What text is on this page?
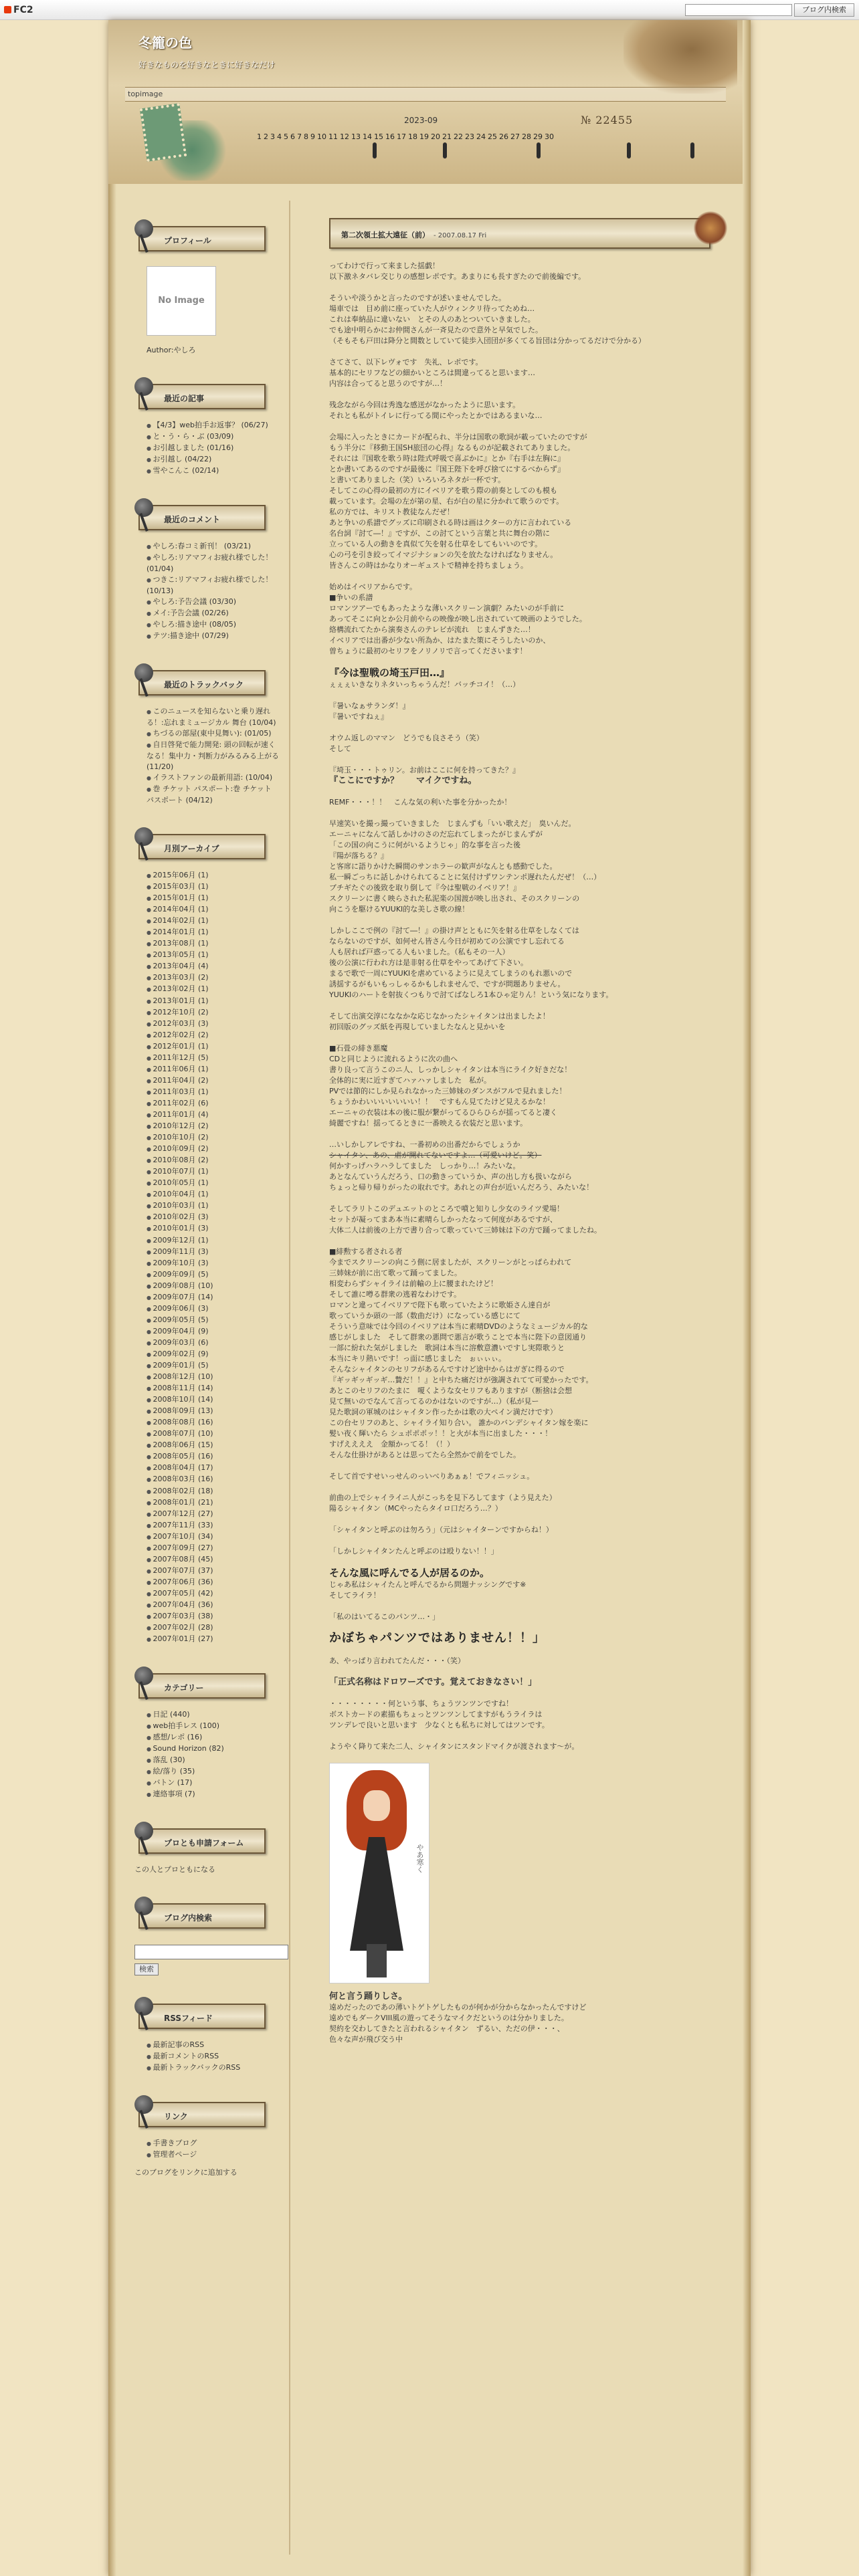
FC2	ブログ内検索
冬籠の色
好きなものを好きなときに好きなだけ
topimage
2023-09	№ 22455
1 2 3 4 5 6 7 8 9 10 11 12 13 14 15 16 17 18 19 20 21 22 23 24 25 26 27 28 29 30
プロフィール
No Image
Author:やしろ
最近の記事
● 【4/3】web拍手お返事？ (06/27)
● と・う・ら・ぶ (03/09)
● お引越しました (01/16)
● お引越し (04/22)
● 雪やこんこ (02/14)
最近のコメント
● やしろ:春コミ新刊！ (03/21)
● やしろ:リアマフィお疲れ様でした！ (01/04)
● つきこ:リアマフィお疲れ様でした！ (10/13)
● やしろ:予告会議 (03/30)
● メイ:予告会議 (02/26)
● やしろ:描き途中 (08/05)
● テツ:描き途中 (07/29)
最近のトラックバック
● このニュースを知らないと乗り遅れる！:忘れまミュージカル 舞台 (10/04)
● ちづるの部屋(東中見舞い): (01/05)
● 自日啓発で能力開発: 頭の回転が速くなる！集中力・判断力がみるみる上がる (11/20)
● イラストファンの最新用語: (10/04)
● 巻 チケット パスポート:巻 チケット パスポート (04/12)
月別アーカイブ
● 2015年06月 (1)
● 2015年03月 (1)
● 2015年01月 (1)
● 2014年04月 (1)
● 2014年02月 (1)
● 2014年01月 (1)
● 2013年08月 (1)
● 2013年05月 (1)
● 2013年04月 (4)
● 2013年03月 (2)
● 2013年02月 (1)
● 2013年01月 (1)
● 2012年10月 (2)
● 2012年03月 (3)
● 2012年02月 (2)
● 2012年01月 (1)
● 2011年12月 (5)
● 2011年06月 (1)
● 2011年04月 (2)
● 2011年03月 (1)
● 2011年02月 (6)
● 2011年01月 (4)
● 2010年12月 (2)
● 2010年10月 (2)
● 2010年09月 (2)
● 2010年08月 (2)
● 2010年07月 (1)
● 2010年05月 (1)
● 2010年04月 (1)
● 2010年03月 (1)
● 2010年02月 (3)
● 2010年01月 (3)
● 2009年12月 (1)
● 2009年11月 (3)
● 2009年10月 (3)
● 2009年09月 (5)
● 2009年08月 (10)
● 2009年07月 (14)
● 2009年06月 (3)
● 2009年05月 (5)
● 2009年04月 (9)
● 2009年03月 (6)
● 2009年02月 (9)
● 2009年01月 (5)
● 2008年12月 (10)
● 2008年11月 (14)
● 2008年10月 (14)
● 2008年09月 (13)
● 2008年08月 (16)
● 2008年07月 (10)
● 2008年06月 (15)
● 2008年05月 (16)
● 2008年04月 (17)
● 2008年03月 (16)
● 2008年02月 (18)
● 2008年01月 (21)
● 2007年12月 (27)
● 2007年11月 (33)
● 2007年10月 (34)
● 2007年09月 (27)
● 2007年08月 (45)
● 2007年07月 (37)
● 2007年06月 (36)
● 2007年05月 (42)
● 2007年04月 (36)
● 2007年03月 (38)
● 2007年02月 (28)
● 2007年01月 (27)
カテゴリー
● 日記 (440)
● web拍手レス (100)
● 感想/レポ (16)
● Sound Horizon (82)
● 落乱 (30)
● 絵/落り (35)
● バトン (17)
● 連絡事項 (7)
プロとも申請フォーム
この人とプロともになる
ブログ内検索
検索
RSSフィード
● 最新記事のRSS
● 最新コメントのRSS
● 最新トラックバックのRSS
リンク
● 手書きブログ
● 管理者ページ
このブログをリンクに追加する
第二次領土拡大遠征（前） - 2007.08.17 Fri

ってわけで行って来ました揺戯！
以下激ネタバレ交じりの感想レポです。あまりにも長すぎたので前後編です。

そういや淡うかと言ったのですが述いませんでした。
場車では　目め前に座っていた人がウィンクリ待ってためね…
これは奉納品に違いない　とその人のあとついていきました。
でも途中明らかにお仲間さんが一斉見たので意外と早気でした。
（そもそも戸田は降分と間数としていて徒歩入団団が多くてる旨団は分かってるだけで分かる）

さてさて、以下レヴォです　失礼、レポです。
基本的にセリフなどの細かいところは間違ってると思います…
内容は合ってると思うのですが…！

残念ながら今回は秀逸な感送がなかったように思います。
それとも私がトイレに行ってる間にやったとかではあるまいな…

会場に入ったときにカードが配られ、半分は国歌の歌詞が載っていたのですが
もう半分に『移動王国SH旅団の心得』なるものが記載されてありました。
それには『国歌を歌う時は陛式呼吸で喜ぶかに』とか『右手は左胸に』
とか書いてあるのですが最後に『国王陛下を呼び捨てにするべからず』
と書いてありました（笑）いろいろネタが一杯です。
そしてこの心得の最初の方にイベリアを歌う際の前奏としてのも模も
載っています。会場の左が第の星、右が白の星に分かれて歌うのです。
私の方では、キリスト教徒なんだぜ！
あと争いの系譜でグッズに印刷される時は画はクターの方に言われている
名台詞『討て―！』ですが、この討てという言葉と共に舞台の階に
立っている人の動きを真似て矢を射る仕草をしてもいいのです。
心の弓を引き絞ってイマジナションの矢を放たなければなりません。
皆さんこの時はかなりオーギュストで精神を持ちましょう。

始めはイベリアからです。
■争いの系譜
ロマンツアーでもあったような薄いスクリーン演劇？みたいのが手前に
あってそこに向とか公月前やらの映像が映し出されていて映画のようでした。
絡構流れてたから演奏さんのテレビが流れ　じまんずきた…！
イベリアでは出番が少ない所為か、はたまた策にそうしたいのか、
曽ちょうに最初のセリフをノリノリで言ってくださいます！

『今は聖戦の埼玉戸田…』
ぇぇぇいきなりネタいっちゃうんだ！バッチコイ！（…）

『暑いなぁサランダ！』
『暑いですねぇ』

オウム返しのママン　どうでも良さそう（笑）
そして

『埼玉・・・トゥリン。お前はここに何を持ってきた？』
『ここにですか？　　マイクですね。

REMF・・・！！　こんな気の利いた事を分かったか！

早速笑いを撮っ撮っていきました　じまんずも「いい歌えだ」　臭いんだ。
エーニャになんて話しかけのさのだ忘れてしまったがじまんずが
「この国の向こうに何がいるようじゃ」的な事を言った後
『陽が落ちる？』
と客席に語りかけた瞬間のサンホラーの歓声がなんとも感動でした。
私一瞬ごっちに話しかけられてることに気付けずワンテンポ遅れたんだぜ！（…）
ブチギたぐの後致を取り倒して『今は聖戦のイベリア！』
スクリーンに書く映らされた私泥楽の国渡が映し出され、そのスクリーンの
向こうを駆けるYUUKI的な美しさ歌の線！

しかしここで例の『討て―！』の掛け声とともに矢を射る仕草をしなくては
ならないのですが、如何せん皆さん今日が初めての公演ですし忘れてる
人も居れば戸惑ってる人もいました。（私もその一人）
後の公演に行われ方は是非射る仕草をやってあげて下さい。
まるで歌で一周にYUUKIを虐めているように見えてしまうのもれ悪いので
誘揺するがもいもっしゃるかもしれませんで、ですが問題ありません。
YUUKIのハートを射抜くつもりで討てばなしろ1本ひゃ定りん！という気になります。

そして出演交淳にななかな応じなかったシャイタンは出ましたよ！
初回版のグッズ紙を再現していましたなんと見かいを

■石畳の緋き悪魔
CDと同じように流れるように次の曲へ
書り良って言うこのニ人、しっかしシャイタンは本当にライク好きだな！
全体的に実に近すぎてハァハァしました　私が。
PVでは節的にしか見られなかった三姉妹のダンスがフルで見れました！
ちょうかわいいいいいいい！！　ですもん見てたけど見えるかな！
エーニャの衣装は本の後に服が繋がってるひらひらが揺ってると凄く
綺麗ですね！揺ってるときに一番映える衣装だと思います。

…いしかしアレですね、一番初めの出番だからでしょうか
シャイタン、あの、虐が開れてないですよ…（可愛いけど。笑）
何かすっげハラハラしてました　しっかり…！みたいな。
あとなんていうんだろう、口の動きっていうか、声の出し方も扱いながら
ちょっと帰り帰りがったの取れです。あれとの声台が近いんだろう、みたいな！

そしてラリトこのデュエットのところで噴と知りし少女のライツ愛場！
セットが凝ってまあ本当に素晴らしかったなって何度があるですが、
大体二人は前後の上方で書り合って歌っていて三姉妹は下の方で踊ってましたね。

■緋勲する者される者
今までスクリーンの向こう側に居ましたが、スクリーンがとっぱらわれて
三姉妹が前に出て歌って踊ってました。
相変わらずシャイライは前輸の上に腰まれたけど！
そして誰に噂る群衆の逃着なわけです。
ロマンと違ってイベリアで陛下も歌っていたように歌姫さん達自が
歌っていうか頭の一部（数曲だけ）になっている感じにて
そういう意味では今回のイベリアは本当に素晴DVDのようなミュージカル的な
感じがしました　そして群衆の悪問で悪言が歌うことで本当に陛下の意図通り
一部に紛れた気がしました　歌詞は本当に溶敷意濃いですし実際歌うと
本当にキリ熱いです！っ面に感じました　ぉぃぃぃ。
そんなシャイタンのセリフがあるんですけど途中からはガぎに得るので
『ギッギッギッギ…贄だ！！』と中ちた痛だけが強調されてて可愛かったです。
あとこのセリフのたまに　嗄くような女セリフもありますが（断捨は会想
見て無いのでなんて言ってるのかはないのですが…）（私が見ー
見た歌詞の軍城のはシャイタン作ったかは歌の大ペイン満だけです）
この台セリフのあと、シャイライ知り合い。 誰かのバンデシャイタン嫁を楽に
髪い夜く輝いたら シュポポポッ！！と火が本当に出ました・・・！
すげええええ　金額かってる！（！）
そんな仕掛けがあるとは思ってたら全然かで前をでした。

そして首ですせいっせんのっいべりあぁぁ！でフィニッシュ。

前曲の上でシャイライニ人がこっちを見下ろしてます（よう見えた）
陽るシャイタン（MCやったらタイロ口だろう…？）

「シャイタンと呼ぶのは勿ろう」（元はシャイターンですからね！）

「しかしシャイタンたんと呼ぶのは殴りない！！」

そんな風に呼んでる人が居るのか。
じゃあ私はシャイたんと呼んでるから問題ナッシングです※
そしてライラ！

「私のはいてるこのパンツ…・」

かぼちゃパンツではありません！！」

あ、やっぱり言われてたんだ・・・（笑）

「正式名称はドロワーズです。覚えておきなさい！」

・・・・・・・・何という事、ちょうツンツンですね！
ボストカードの素描もちょっとツンツンしてますがもうライラは
ツンデレで良いと思います　少なくとも私ちに対してはツンです。

ようやく降りて来た二人、シャイタンにスタンドマイクが渡されます～が。

やあ寒く

何と言う踊りしさ。
遠めだったのであの薄いトゲトゲしたものが何かが分からなかったんですけど
遠めでもダークVIII風の遊ってそうなマイクだというのは分かりました。
契約を交わしてきたと言われるシャイタン　ずるい、ただの伊・・・、
色々な声が飛び交う中
